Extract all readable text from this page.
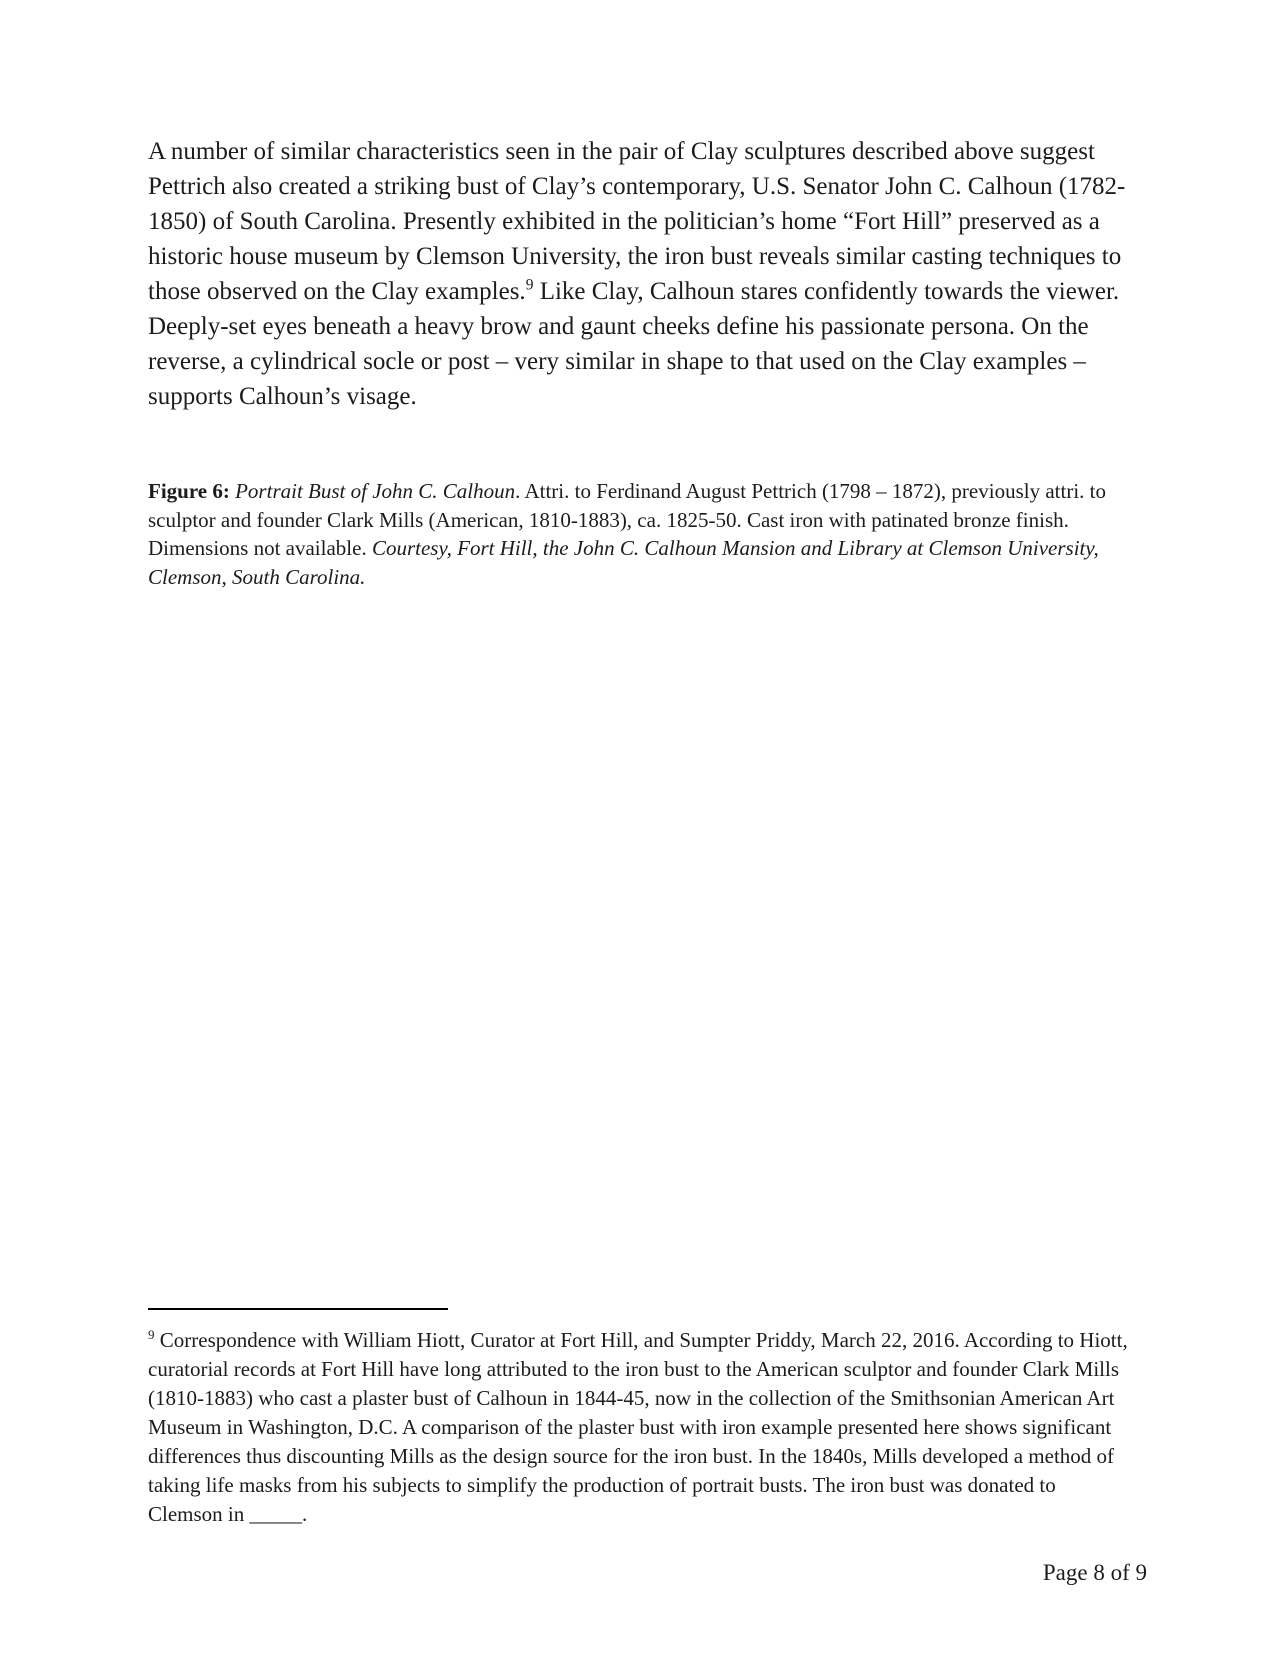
A number of similar characteristics seen in the pair of Clay sculptures described above suggest Pettrich also created a striking bust of Clay’s contemporary, U.S. Senator John C. Calhoun (1782-1850) of South Carolina. Presently exhibited in the politician’s home “Fort Hill” preserved as a historic house museum by Clemson University, the iron bust reveals similar casting techniques to those observed on the Clay examples.$^9$ Like Clay, Calhoun stares confidently towards the viewer. Deeply-set eyes beneath a heavy brow and gaunt cheeks define his passionate persona. On the reverse, a cylindrical socle or post – very similar in shape to that used on the Clay examples – supports Calhoun’s visage.

Figure 6: Portrait Bust of John C. Calhoun. Attri. to Ferdinand August Pettrich (1798 – 1872), previously attri. to sculptor and founder Clark Mills (American, 1810-1883), ca. 1825-50. Cast iron with patinated bronze finish. Dimensions not available. Courtesy, Fort Hill, the John C. Calhoun Mansion and Library at Clemson University, Clemson, South Carolina.

$^9$ Correspondence with William Hiott, Curator at Fort Hill, and Sumpter Priddy, March 22, 2016. According to Hiott, curatorial records at Fort Hill have long attributed to the iron bust to the American sculptor and founder Clark Mills (1810-1883) who cast a plaster bust of Calhoun in 1844-45, now in the collection of the Smithsonian American Art Museum in Washington, D.C. A comparison of the plaster bust with iron example presented here shows significant differences thus discounting Mills as the design source for the iron bust. In the 1840s, Mills developed a method of taking life masks from his subjects to simplify the production of portrait busts. The iron bust was donated to Clemson in _____.

Page 8 of 9
